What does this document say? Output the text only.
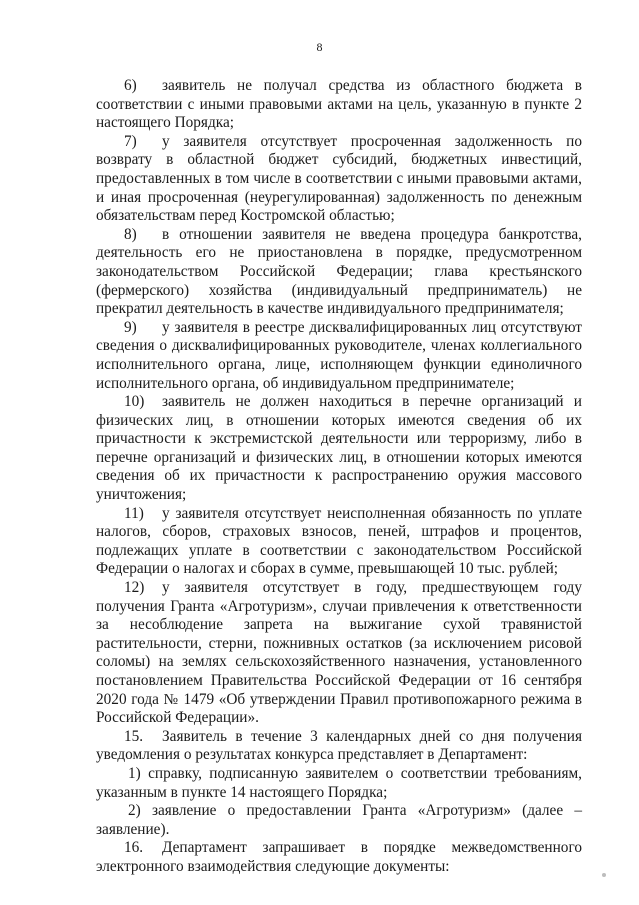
8

6) заявитель не получал средства из областного бюджета в соответствии с иными правовыми актами на цель, указанную в пункте 2 настоящего Порядка;

7) у заявителя отсутствует просроченная задолженность по возврату в областной бюджет субсидий, бюджетных инвестиций, предоставленных в том числе в соответствии с иными правовыми актами, и иная просроченная (неурегулированная) задолженность по денежным обязательствам перед Костромской областью;

8) в отношении заявителя не введена процедура банкротства, деятельность его не приостановлена в порядке, предусмотренном законодательством Российской Федерации; глава крестьянского (фермерского) хозяйства (индивидуальный предприниматель) не прекратил деятельность в качестве индивидуального предпринимателя;

9) у заявителя в реестре дисквалифицированных лиц отсутствуют сведения о дисквалифицированных руководителе, членах коллегиального исполнительного органа, лице, исполняющем функции единоличного исполнительного органа, об индивидуальном предпринимателе;

10) заявитель не должен находиться в перечне организаций и физических лиц, в отношении которых имеются сведения об их причастности к экстремистской деятельности или терроризму, либо в перечне организаций и физических лиц, в отношении которых имеются сведения об их причастности к распространению оружия массового уничтожения;

11) у заявителя отсутствует неисполненная обязанность по уплате налогов, сборов, страховых взносов, пеней, штрафов и процентов, подлежащих уплате в соответствии с законодательством Российской Федерации о налогах и сборах в сумме, превышающей 10 тыс. рублей;

12) у заявителя отсутствует в году, предшествующем году получения Гранта «Агротуризм», случаи привлечения к ответственности за несоблюдение запрета на выжигание сухой травянистой растительности, стерни, пожнивных остатков (за исключением рисовой соломы) на землях сельскохозяйственного назначения, установленного постановлением Правительства Российской Федерации от 16 сентября 2020 года № 1479 «Об утверждении Правил противопожарного режима в Российской Федерации».

15. Заявитель в течение 3 календарных дней со дня получения уведомления о результатах конкурса представляет в Департамент:

1) справку, подписанную заявителем о соответствии требованиям, указанным в пункте 14 настоящего Порядка;

2) заявление о предоставлении Гранта «Агротуризм» (далее – заявление).

16. Департамент запрашивает в порядке межведомственного электронного взаимодействия следующие документы:
